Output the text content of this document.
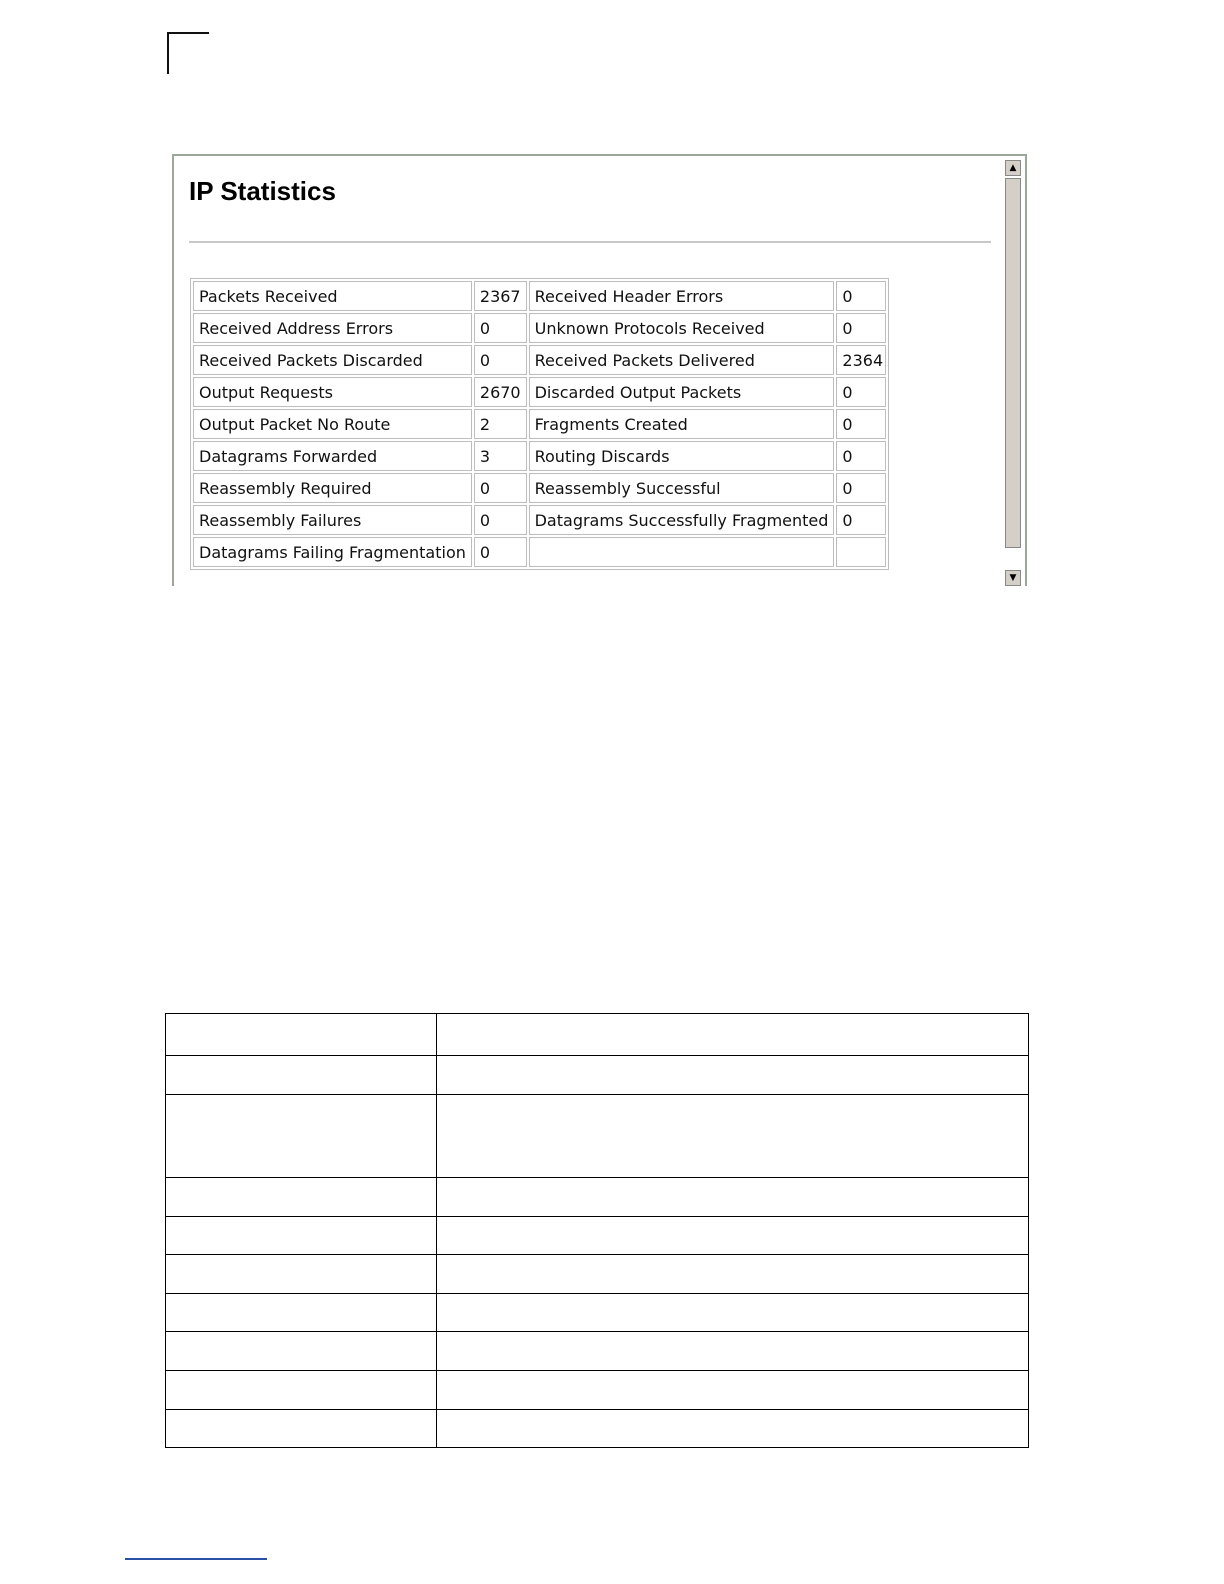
IP Statistics
Packets Received	2367	Received Header Errors	0
Received Address Errors	0	Unknown Protocols Received	0
Received Packets Discarded	0	Received Packets Delivered	2364
Output Requests	2670	Discarded Output Packets	0
Output Packet No Route	2	Fragments Created	0
Datagrams Forwarded	3	Routing Discards	0
Reassembly Required	0	Reassembly Successful	0
Reassembly Failures	0	Datagrams Successfully Fragmented	0
Datagrams Failing Fragmentation	0		
▲
▼
